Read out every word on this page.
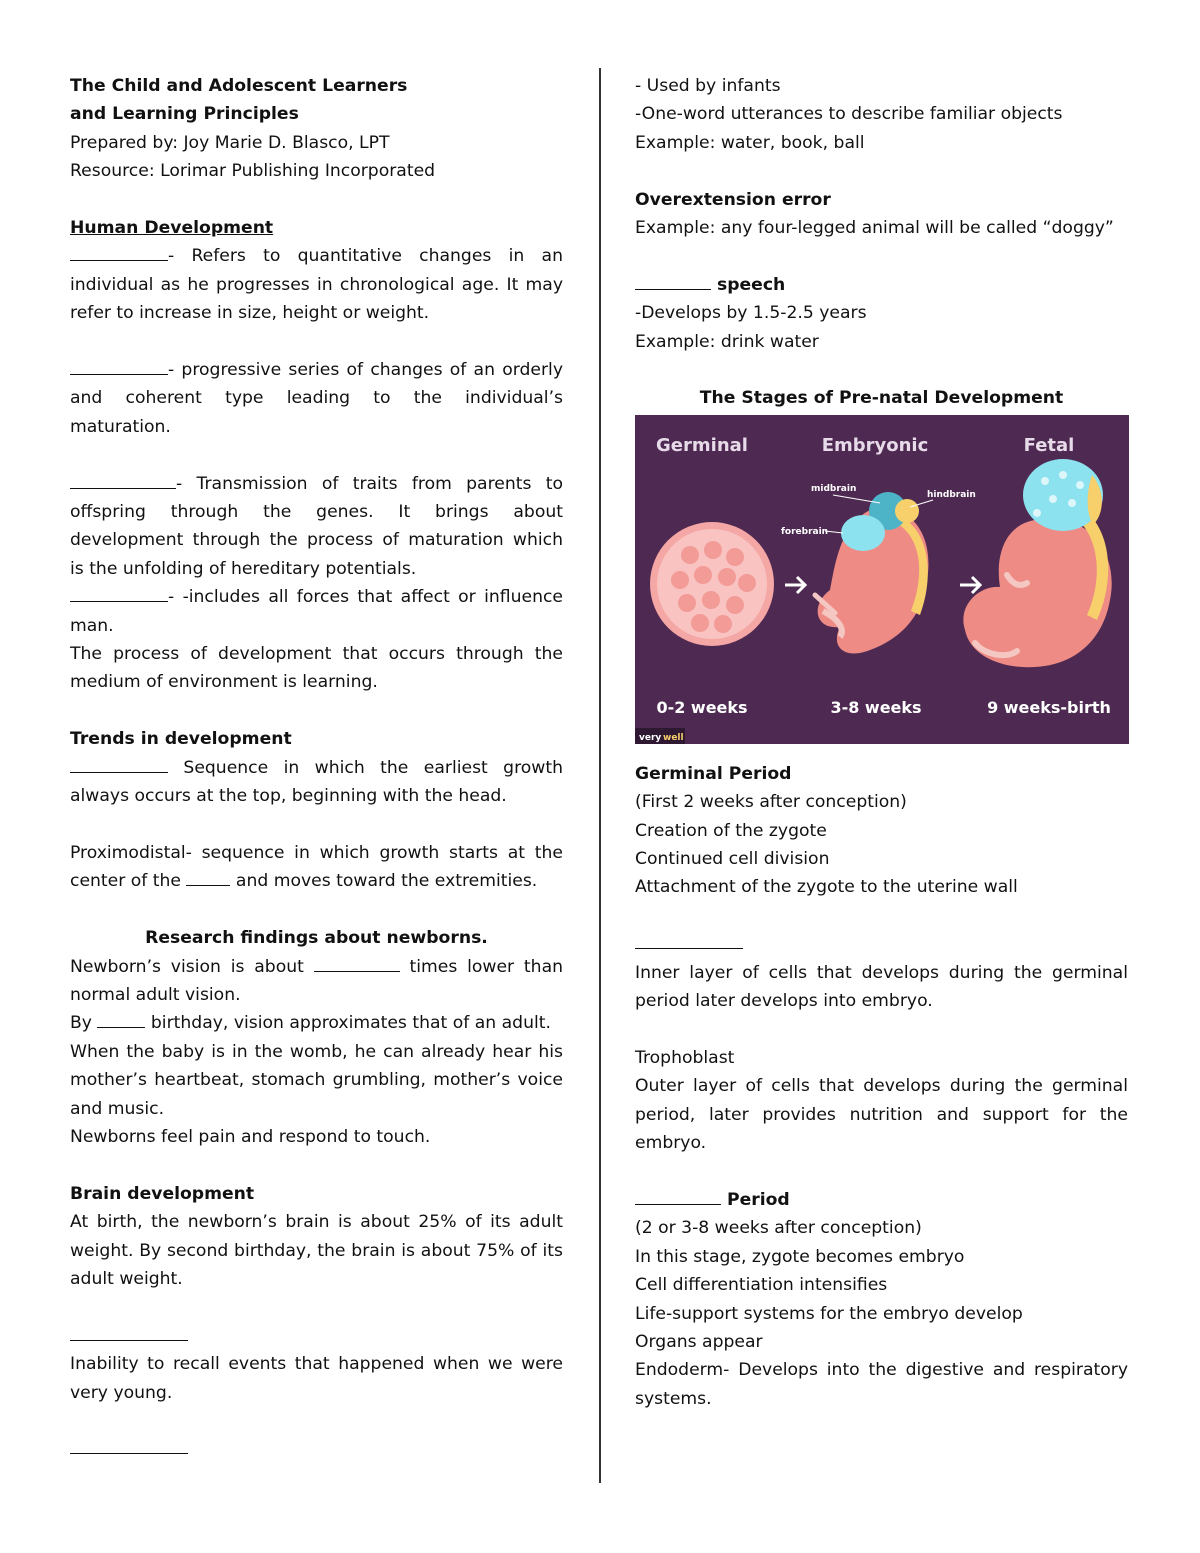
The Child and Adolescent Learners
and Learning Principles
Prepared by: Joy Marie D. Blasco, LPT
Resource: Lorimar Publishing Incorporated
Human Development
- Refers to quantitative changes in an
individual as he progresses in chronological age. It may
refer to increase in size, height or weight.
- progressive series of changes of an orderly
and coherent type leading to the individual’s
maturation.
- Transmission of traits from parents to
offspring through the genes. It brings about
development through the process of maturation which
is the unfolding of hereditary potentials.
- -includes all forces that affect or influence
man.
The process of development that occurs through the
medium of environment is learning.
Trends in development
Sequence in which the earliest growth
always occurs at the top, beginning with the head.
Proximodistal- sequence in which growth starts at the
center of the	and moves toward the extremities.
Research findings about newborns.
Newborn’s vision is about	times lower than
normal adult vision.
By	birthday, vision approximates that of an adult.
When the baby is in the womb, he can already hear his
mother’s heartbeat, stomach grumbling, mother’s voice
and music.
Newborns feel pain and respond to touch.
Brain development
At birth, the newborn’s brain is about 25% of its adult
weight. By second birthday, the brain is about 75% of its
adult weight.
Inability to recall events that happened when we were
very young.
- Used by infants
-One-word utterances to describe familiar objects
Example: water, book, ball
Overextension error
Example: any four-legged animal will be called “doggy”
speech
-Develops by 1.5-2.5 years
Example: drink water
The Stages of Pre-natal Development
Germinal	Embryonic	Fetal
midbrain
hindbrain
forebrain
0-2 weeks	3-8 weeks	9 weeks-birth
very well
Germinal Period
(First 2 weeks after conception)
Creation of the zygote
Continued cell division
Attachment of the zygote to the uterine wall
Inner layer of cells that develops during the germinal
period later develops into embryo.
Trophoblast
Outer layer of cells that develops during the germinal
period, later provides nutrition and support for the
embryo.
Period
(2 or 3-8 weeks after conception)
In this stage, zygote becomes embryo
Cell differentiation intensifies
Life-support systems for the embryo develop
Organs appear
Endoderm- Develops into the digestive and respiratory
systems.
